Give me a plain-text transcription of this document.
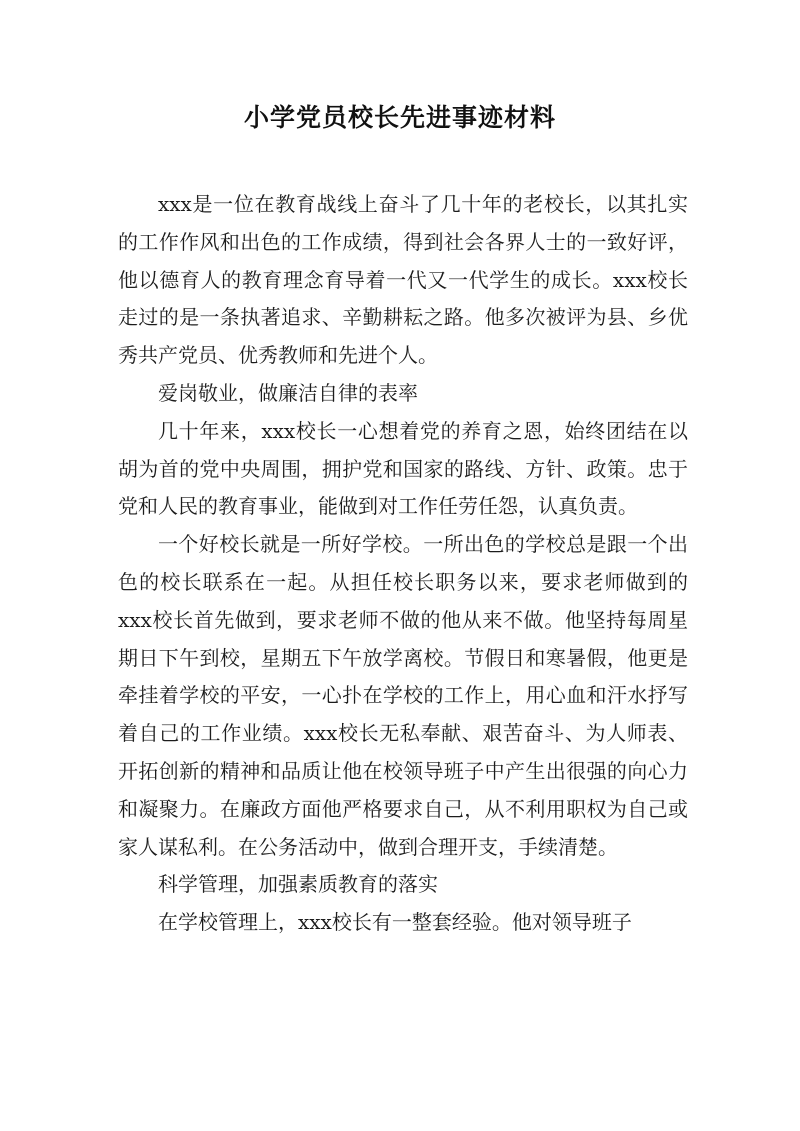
小学党员校长先进事迹材料

xxx是一位在教育战线上奋斗了几十年的老校长，以其扎实的工作作风和出色的工作成绩，得到社会各界人士的一致好评，他以德育人的教育理念育导着一代又一代学生的成长。xxx校长走过的是一条执著追求、辛勤耕耘之路。他多次被评为县、乡优秀共产党员、优秀教师和先进个人。

爱岗敬业，做廉洁自律的表率

几十年来，xxx校长一心想着党的养育之恩，始终团结在以胡为首的党中央周围，拥护党和国家的路线、方针、政策。忠于党和人民的教育事业，能做到对工作任劳任怨，认真负责。

一个好校长就是一所好学校。一所出色的学校总是跟一个出色的校长联系在一起。从担任校长职务以来，要求老师做到的xxx校长首先做到，要求老师不做的他从来不做。他坚持每周星期日下午到校，星期五下午放学离校。节假日和寒暑假，他更是牵挂着学校的平安，一心扑在学校的工作上，用心血和汗水抒写着自己的工作业绩。xxx校长无私奉献、艰苦奋斗、为人师表、开拓创新的精神和品质让他在校领导班子中产生出很强的向心力和凝聚力。在廉政方面他严格要求自己，从不利用职权为自己或家人谋私利。在公务活动中，做到合理开支，手续清楚。

科学管理，加强素质教育的落实

在学校管理上，xxx校长有一整套经验。他对领导班子
